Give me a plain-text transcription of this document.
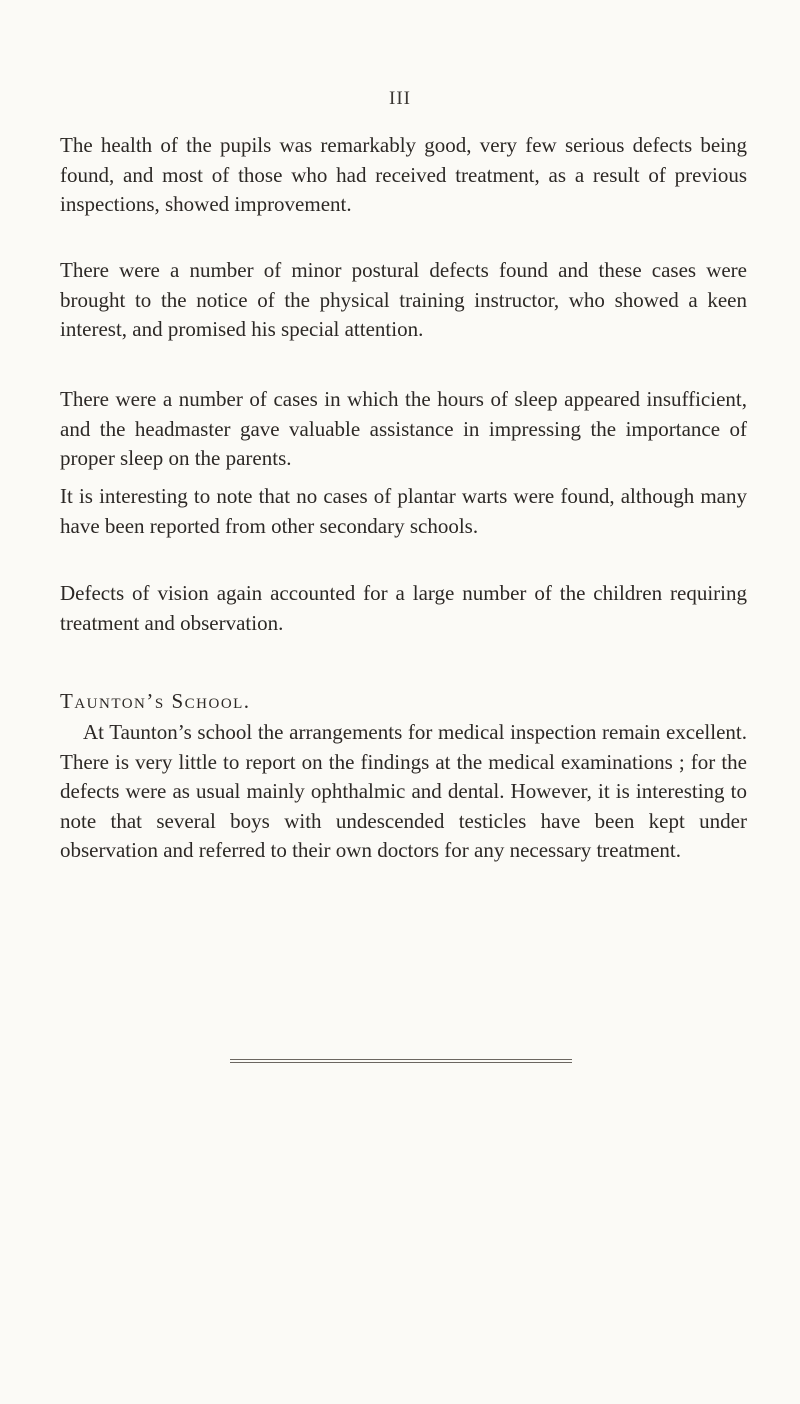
III

The health of the pupils was remarkably good, very few serious defects being found, and most of those who had received treatment, as a result of previous inspections, showed improvement.

There were a number of minor postural defects found and these cases were brought to the notice of the physical training instructor, who showed a keen interest, and promised his special attention.

There were a number of cases in which the hours of sleep appeared insufficient, and the headmaster gave valuable assistance in impressing the importance of proper sleep on the parents.

It is interesting to note that no cases of plantar warts were found, although many have been reported from other secondary schools.

Defects of vision again accounted for a large number of the children requiring treatment and observation.

Taunton’s School.

At Taunton’s school the arrangements for medical inspection remain excellent. There is very little to report on the findings at the medical examinations ; for the defects were as usual mainly ophthalmic and dental. However, it is interesting to note that several boys with undescended testicles have been kept under observation and referred to their own doctors for any necessary treatment.
